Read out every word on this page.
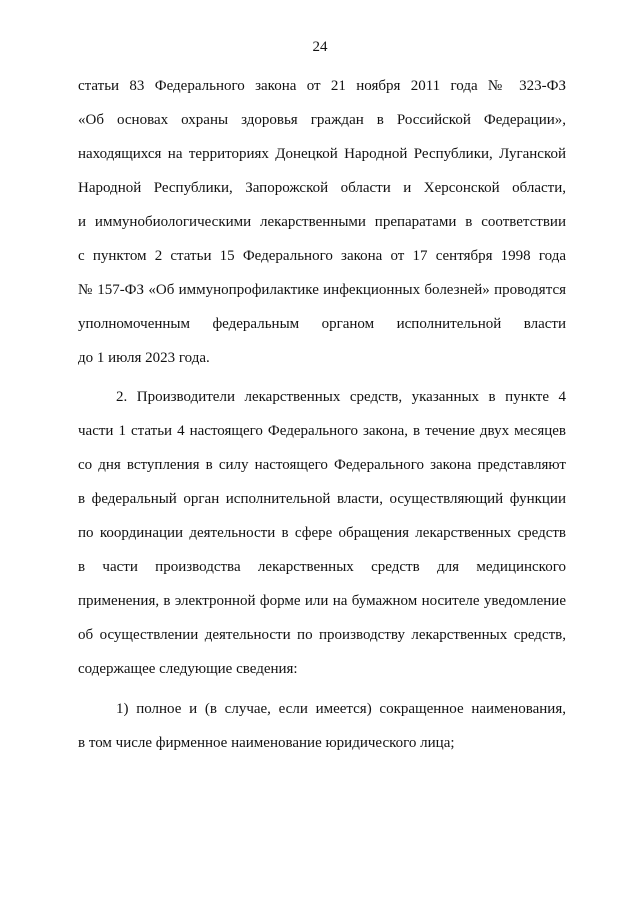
24
статьи 83 Федерального закона от 21 ноября 2011 года № 323-ФЗ
«Об основах охраны здоровья граждан в Российской Федерации»,
находящихся на территориях Донецкой Народной Республики, Луганской
Народной Республики, Запорожской области и Херсонской области,
и иммунобиологическими лекарственными препаратами в соответствии
с пунктом 2 статьи 15 Федерального закона от 17 сентября 1998 года
№ 157-ФЗ «Об иммунопрофилактике инфекционных болезней» проводятся
уполномоченным федеральным органом исполнительной власти
до 1 июля 2023 года.
2. Производители лекарственных средств, указанных в пункте 4
части 1 статьи 4 настоящего Федерального закона, в течение двух месяцев
со дня вступления в силу настоящего Федерального закона представляют
в федеральный орган исполнительной власти, осуществляющий функции
по координации деятельности в сфере обращения лекарственных средств
в части производства лекарственных средств для медицинского
применения, в электронной форме или на бумажном носителе уведомление
об осуществлении деятельности по производству лекарственных средств,
содержащее следующие сведения:
1) полное и (в случае, если имеется) сокращенное наименования,
в том числе фирменное наименование юридического лица;
